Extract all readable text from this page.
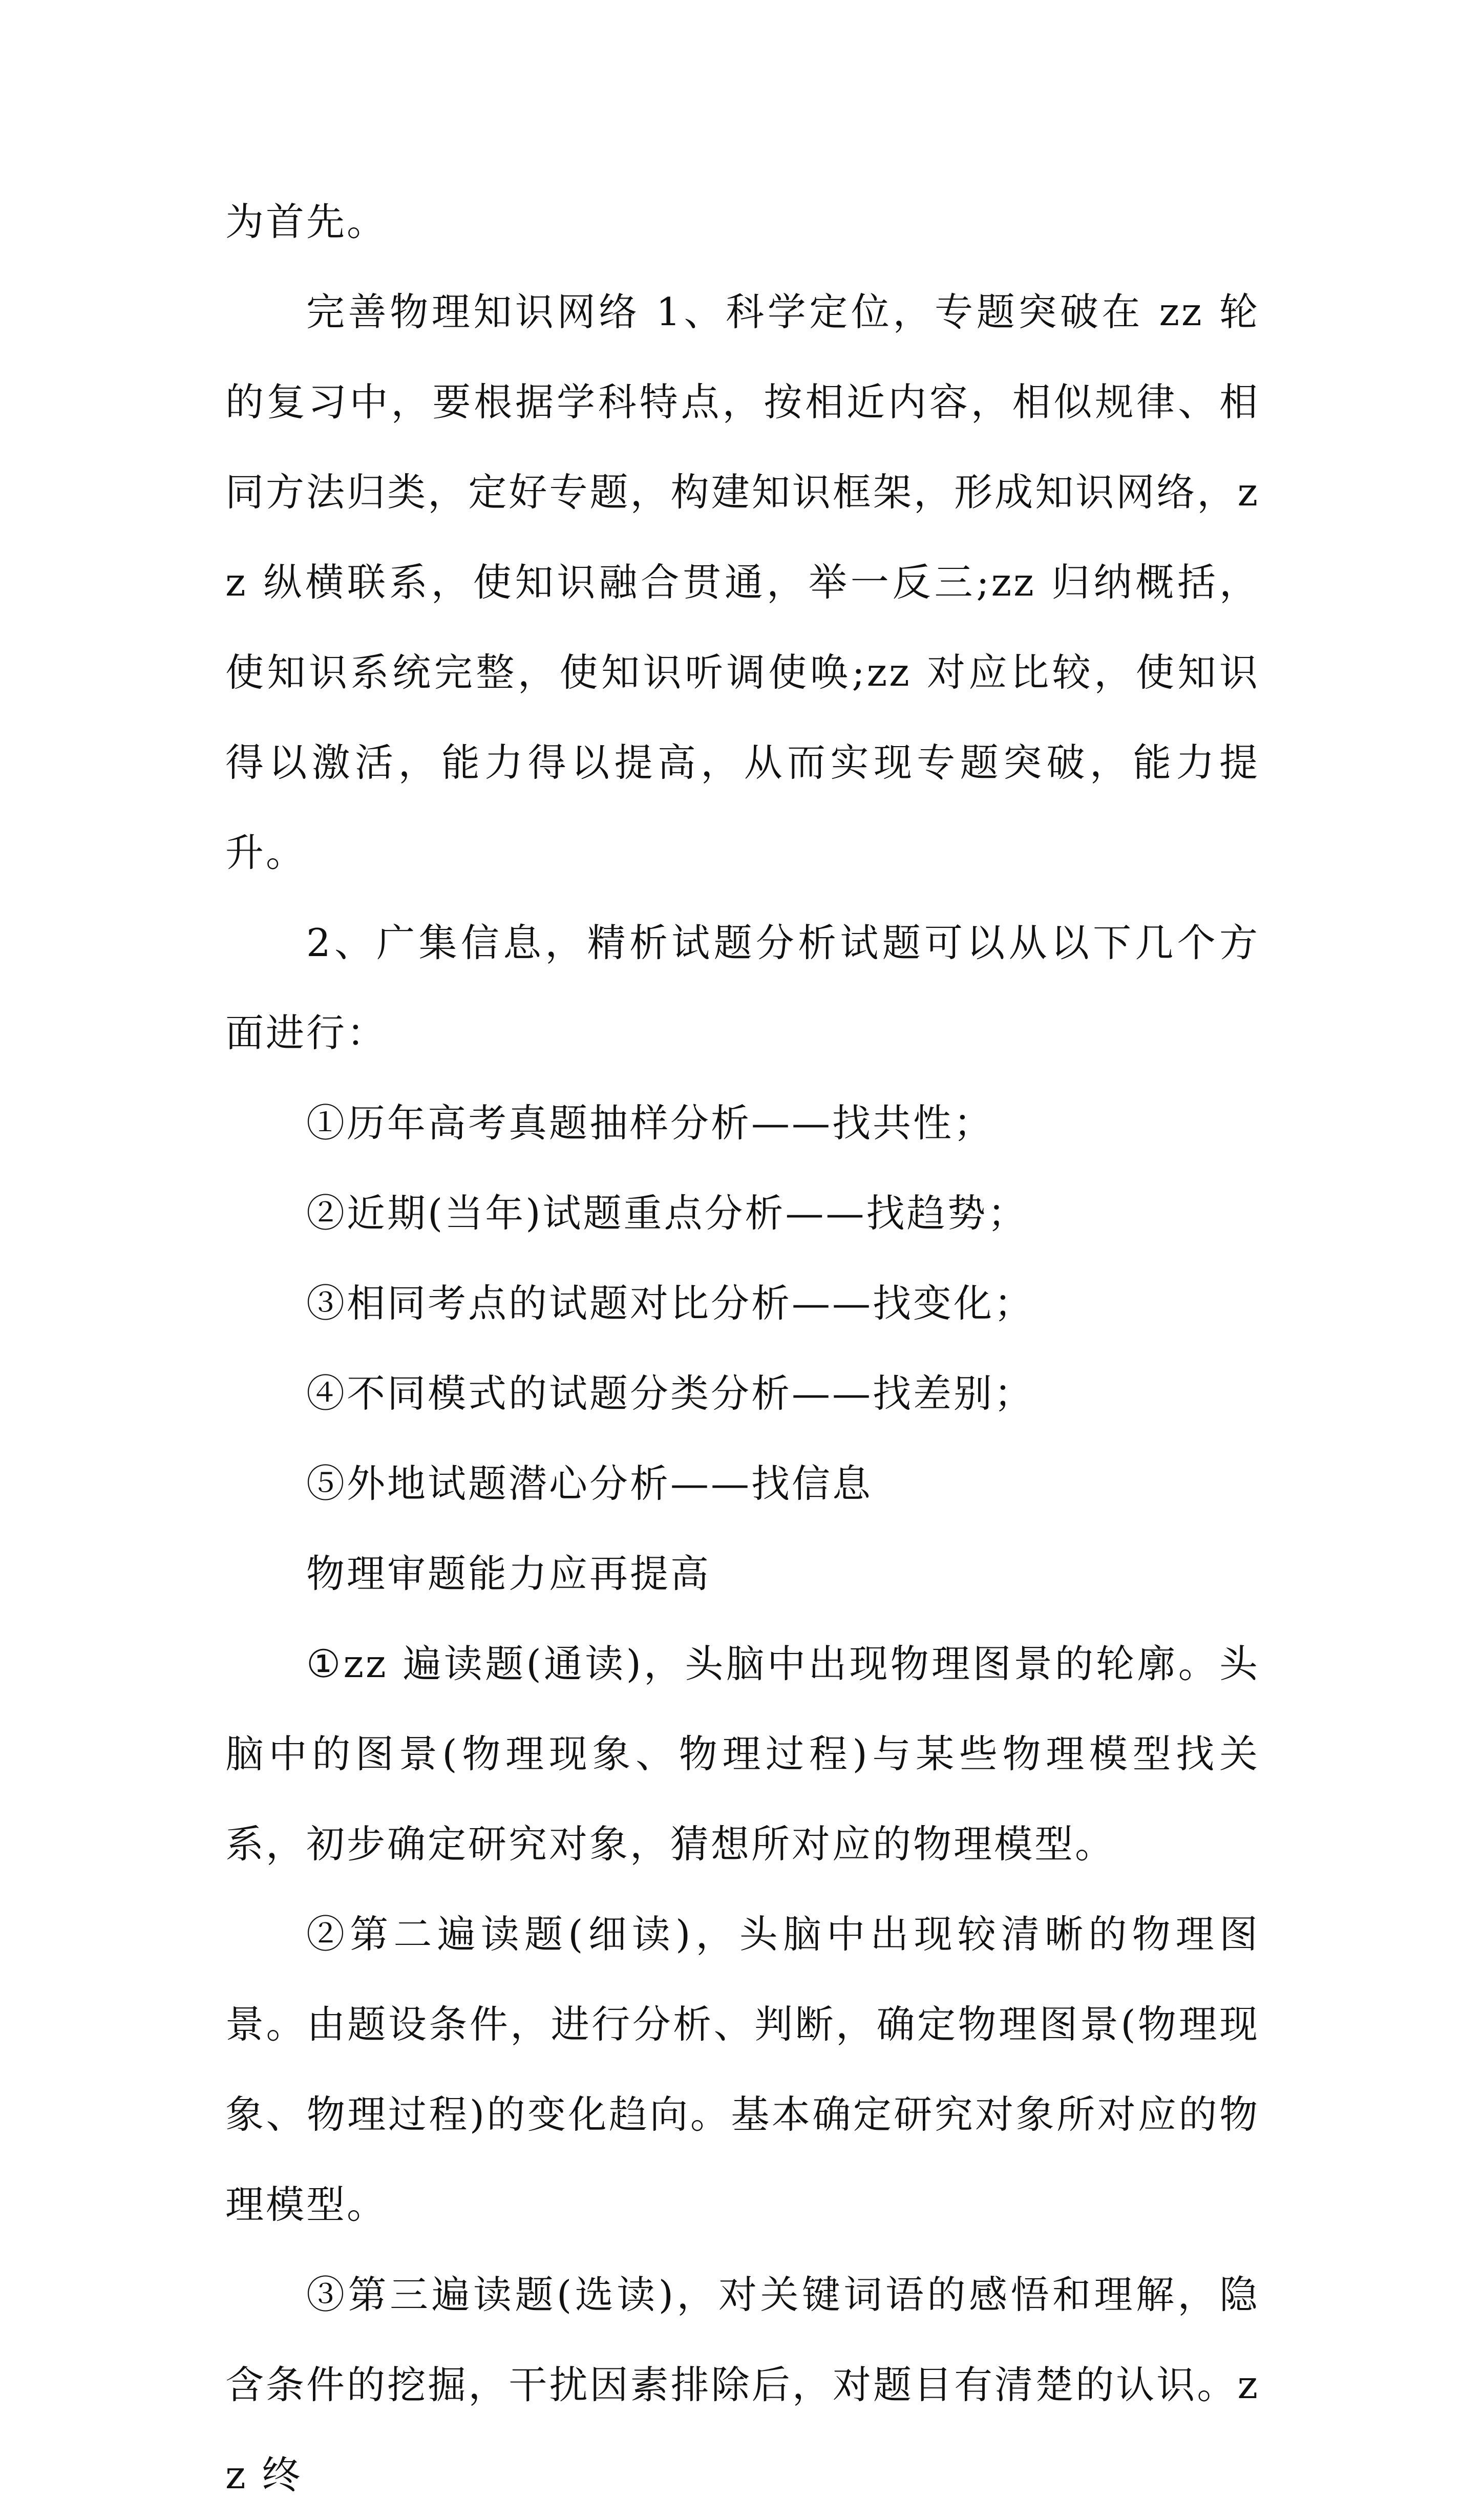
为首先。

完善物理知识网络 1、科学定位，专题突破在 zz 轮的复习中，要根据学科特点，按相近内容，相似规律、相同方法归类，定好专题，构建知识框架，形成知识网络，zz 纵横联系，使知识融合贯通，举一反三;zz 归纳概括，使知识系统完整，使知识听调使唤;zz 对应比较，使知识得以激活，能力得以提高，从而实现专题突破，能力提升。

2、广集信息，精析试题分析试题可以从以下几个方面进行：

①历年高考真题抽样分析——找共性；

②近期(当年)试题重点分析——找趋势；

③相同考点的试题对比分析——找变化；

④不同模式的试题分类分析——找差别；

⑤外地试题潜心分析——找信息

物理审题能力应再提高

①zz 遍读题(通读)，头脑中出现物理图景的轮廓。头脑中的图景(物理现象、物理过程)与某些物理模型找关系，初步确定研究对象，猜想所对应的物理模型。

②第二遍读题(细读)，头脑中出现较清晰的物理图景。由题设条件，进行分析、判断，确定物理图景(物理现象、物理过程)的变化趋向。基本确定研究对象所对应的物理模型。

③第三遍读题(选读)，对关键词语的感悟和理解，隐含条件的挖掘，干扰因素排除后，对题目有清楚的认识。zz 终
